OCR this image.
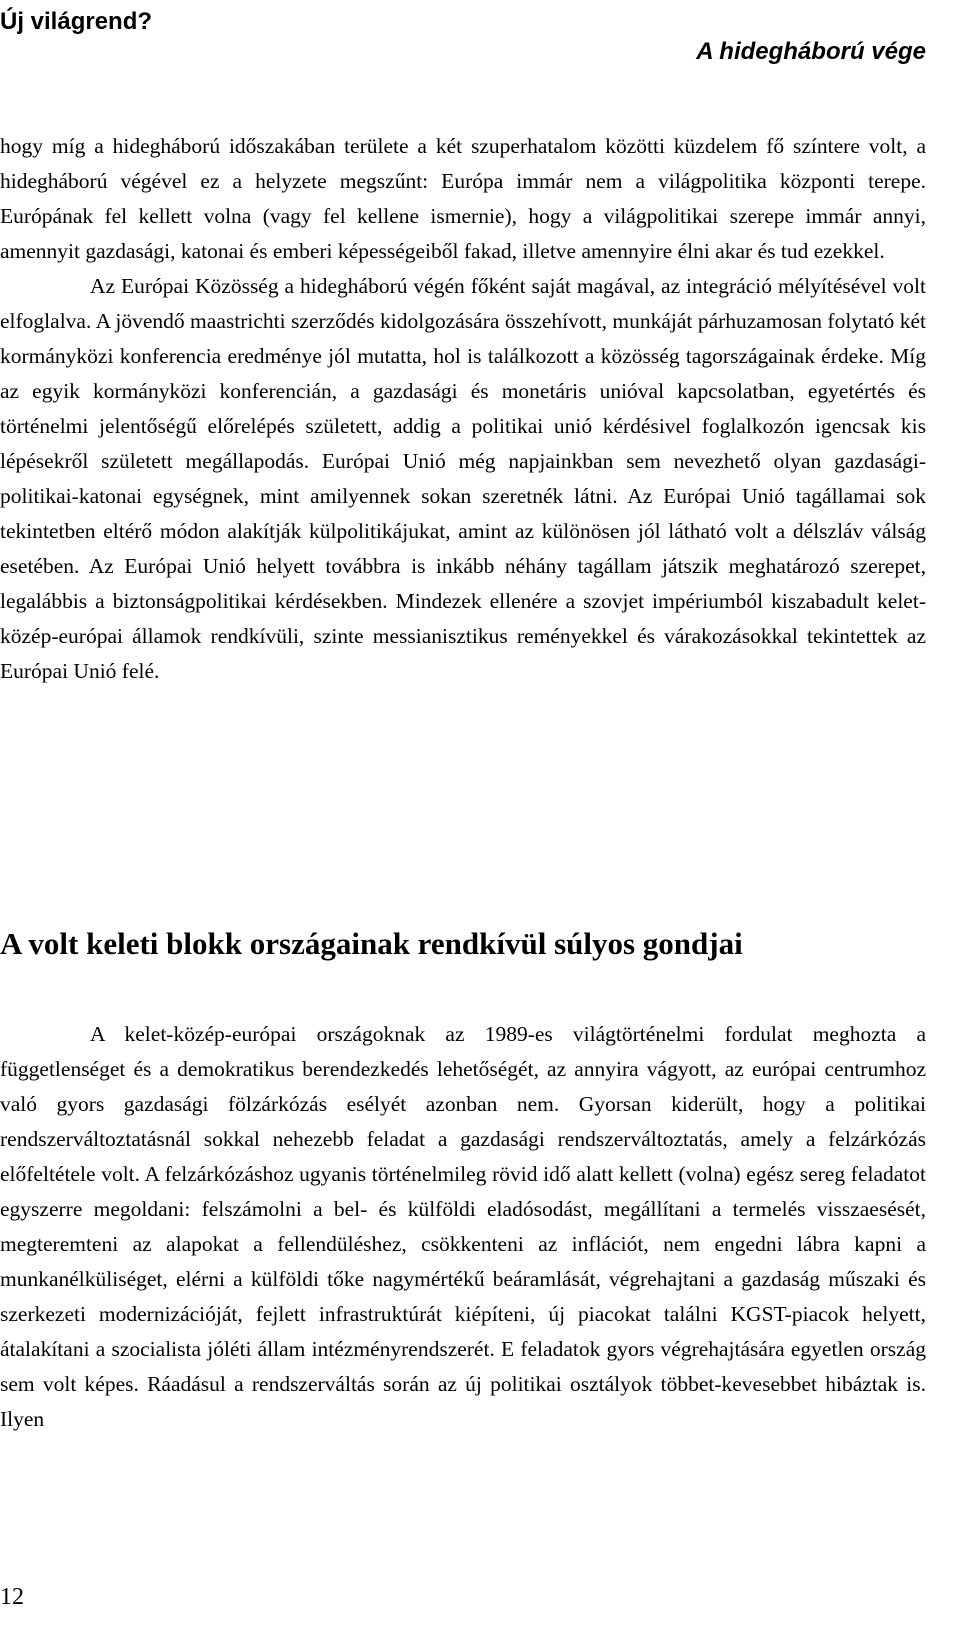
Új világrend?
A hidegháború vége

hogy míg a hidegháború időszakában területe a két szuperhatalom közötti küzdelem fő színtere volt, a hidegháború végével ez a helyzete megszűnt: Európa immár nem a világpolitika központi terepe. Európának fel kellett volna (vagy fel kellene ismernie), hogy a világpolitikai szerepe immár annyi, amennyit gazdasági, katonai és emberi képességeiből fakad, illetve amennyire élni akar és tud ezekkel.

Az Európai Közösség a hidegháború végén főként saját magával, az integráció mélyítésével volt elfoglalva. A jövendő maastrichti szerződés kidolgozására összehívott, munkáját párhuzamosan folytató két kormányközi konferencia eredménye jól mutatta, hol is találkozott a közösség tagországainak érdeke. Míg az egyik kormányközi konferencián, a gazdasági és monetáris unióval kapcsolatban, egyetértés és történelmi jelentőségű előrelépés született, addig a politikai unió kérdésivel foglalkozón igencsak kis lépésekről született megállapodás. Európai Unió még napjainkban sem nevezhető olyan gazdasági-politikai-katonai egységnek, mint amilyennek sokan szeretnék látni. Az Európai Unió tagállamai sok tekintetben eltérő módon alakítják külpolitikájukat, amint az különösen jól látható volt a délszláv válság esetében. Az Európai Unió helyett továbbra is inkább néhány tagállam játszik meghatározó szerepet, legalábbis a biztonságpolitikai kérdésekben. Mindezek ellenére a szovjet impériumból kiszabadult kelet-közép-európai államok rendkívüli, szinte messianisztikus reményekkel és várakozásokkal tekintettek az Európai Unió felé.

A volt keleti blokk országainak rendkívül súlyos gondjai

A kelet-közép-európai országoknak az 1989-es világtörténelmi fordulat meghozta a függetlenséget és a demokratikus berendezkedés lehetőségét, az annyira vágyott, az európai centrumhoz való gyors gazdasági fölzárkózás esélyét azonban nem. Gyorsan kiderült, hogy a politikai rendszerváltoztatásnál sokkal nehezebb feladat a gazdasági rendszerváltoztatás, amely a felzárkózás előfeltétele volt. A felzárkózáshoz ugyanis történelmileg rövid idő alatt kellett (volna) egész sereg feladatot egyszerre megoldani: felszámolni a bel- és külföldi eladósodást, megállítani a termelés visszaesését, megteremteni az alapokat a fellendüléshez, csökkenteni az inflációt, nem engedni lábra kapni a munkanélküliséget, elérni a külföldi tőke nagymértékű beáramlását, végrehajtani a gazdaság műszaki és szerkezeti modernizációját, fejlett infrastruktúrát kiépíteni, új piacokat találni KGST-piacok helyett, átalakítani a szocialista jóléti állam intézményrendszerét. E feladatok gyors végrehajtására egyetlen ország sem volt képes. Ráadásul a rendszerváltás során az új politikai osztályok többet-kevesebbet hibáztak is. Ilyen

12
